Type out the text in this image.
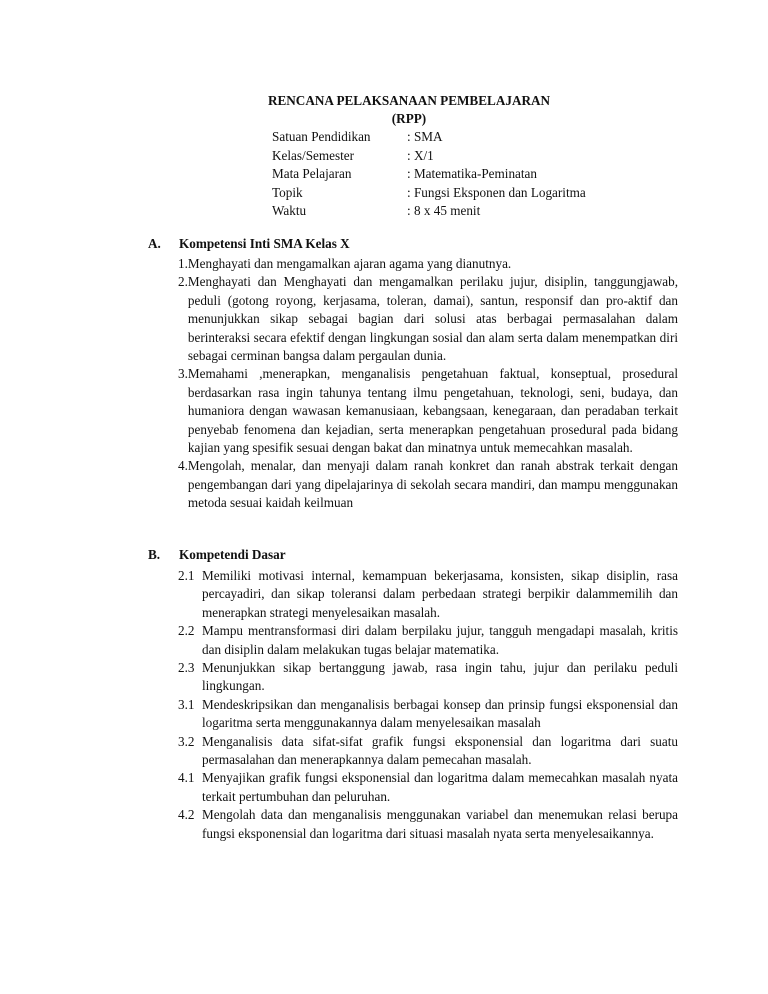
RENCANA PELAKSANAAN PEMBELAJARAN
(RPP)
Satuan Pendidikan	: SMA
Kelas/Semester	: X/1
Mata Pelajaran	: Matematika-Peminatan
Topik	: Fungsi Eksponen dan Logaritma
Waktu	: 8 x 45 menit
A. Kompetensi Inti SMA Kelas X
1. Menghayati dan mengamalkan ajaran agama yang dianutnya.
2. Menghayati dan Menghayati dan mengamalkan perilaku jujur, disiplin, tanggungjawab, peduli (gotong royong, kerjasama, toleran, damai), santun, responsif dan pro-aktif dan menunjukkan sikap sebagai bagian dari solusi atas berbagai permasalahan dalam berinteraksi secara efektif dengan lingkungan sosial dan alam serta dalam menempatkan diri sebagai cerminan bangsa dalam pergaulan dunia.
3. Memahami ,menerapkan, menganalisis pengetahuan faktual, konseptual, prosedural berdasarkan rasa ingin tahunya tentang ilmu pengetahuan, teknologi, seni, budaya, dan humaniora dengan wawasan kemanusiaan, kebangsaan, kenegaraan, dan peradaban terkait penyebab fenomena dan kejadian, serta menerapkan pengetahuan prosedural pada bidang kajian yang spesifik sesuai dengan bakat dan minatnya untuk memecahkan masalah.
4. Mengolah, menalar, dan menyaji dalam ranah konkret dan ranah abstrak terkait dengan pengembangan dari yang dipelajarinya di sekolah secara mandiri, dan mampu menggunakan metoda sesuai kaidah keilmuan
B. Kompetendi Dasar
2.1 Memiliki motivasi internal, kemampuan bekerjasama, konsisten, sikap disiplin, rasa percayadiri, dan sikap toleransi dalam perbedaan strategi berpikir dalammemilih dan menerapkan strategi menyelesaikan masalah.
2.2 Mampu mentransformasi diri dalam berpilaku jujur, tangguh mengadapi masalah, kritis dan disiplin dalam melakukan tugas belajar matematika.
2.3 Menunjukkan sikap bertanggung jawab, rasa ingin tahu, jujur dan perilaku peduli lingkungan.
3.1 Mendeskripsikan dan menganalisis berbagai konsep dan prinsip fungsi eksponensial dan logaritma serta menggunakannya dalam menyelesaikan masalah
3.2 Menganalisis data sifat-sifat grafik fungsi eksponensial dan logaritma dari suatu permasalahan dan menerapkannya dalam pemecahan masalah.
4.1 Menyajikan grafik fungsi eksponensial dan logaritma dalam memecahkan masalah nyata terkait pertumbuhan dan peluruhan.
4.2 Mengolah data dan menganalisis menggunakan variabel dan menemukan relasi berupa fungsi eksponensial dan logaritma dari situasi masalah nyata serta menyelesaikannya.
